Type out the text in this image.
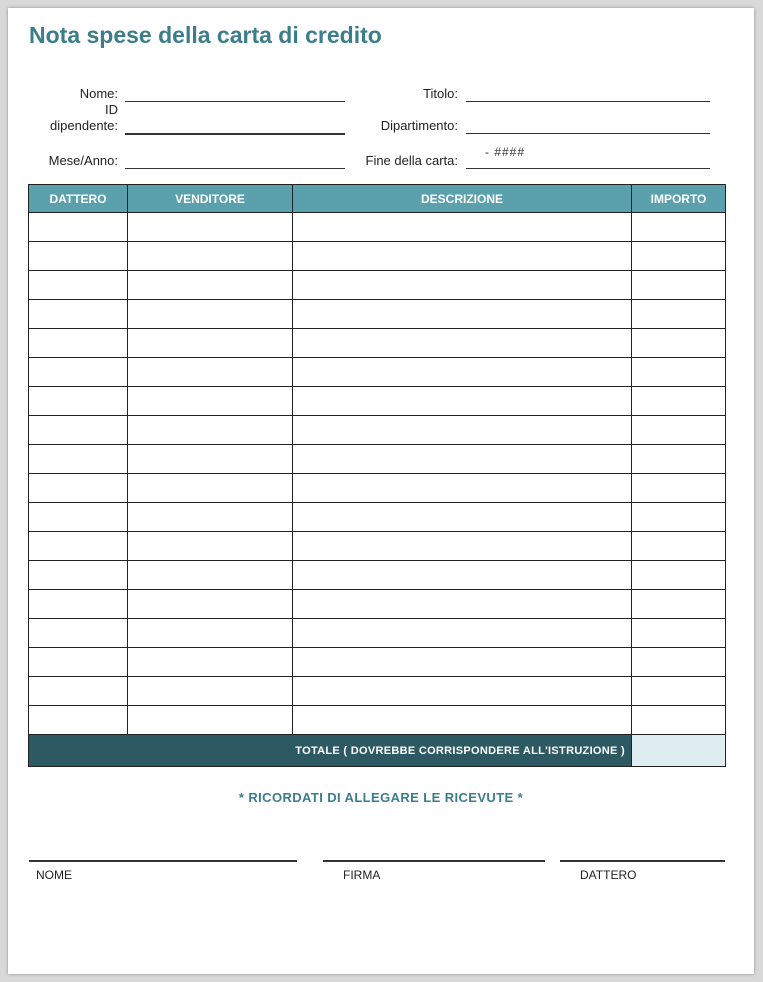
Nota spese della carta di credito
Nome:
ID
dipendente:
Mese/Anno:
Titolo:
Dipartimento:
Fine della carta:
- ####
DATTERO	VENDITORE	DESCRIZIONE	IMPORTO

TOTALE ( DOVREBBE CORRISPONDERE ALL'ISTRUZIONE )			
* RICORDATI DI ALLEGARE LE RICEVUTE *
NOME	FIRMA	DATTERO
